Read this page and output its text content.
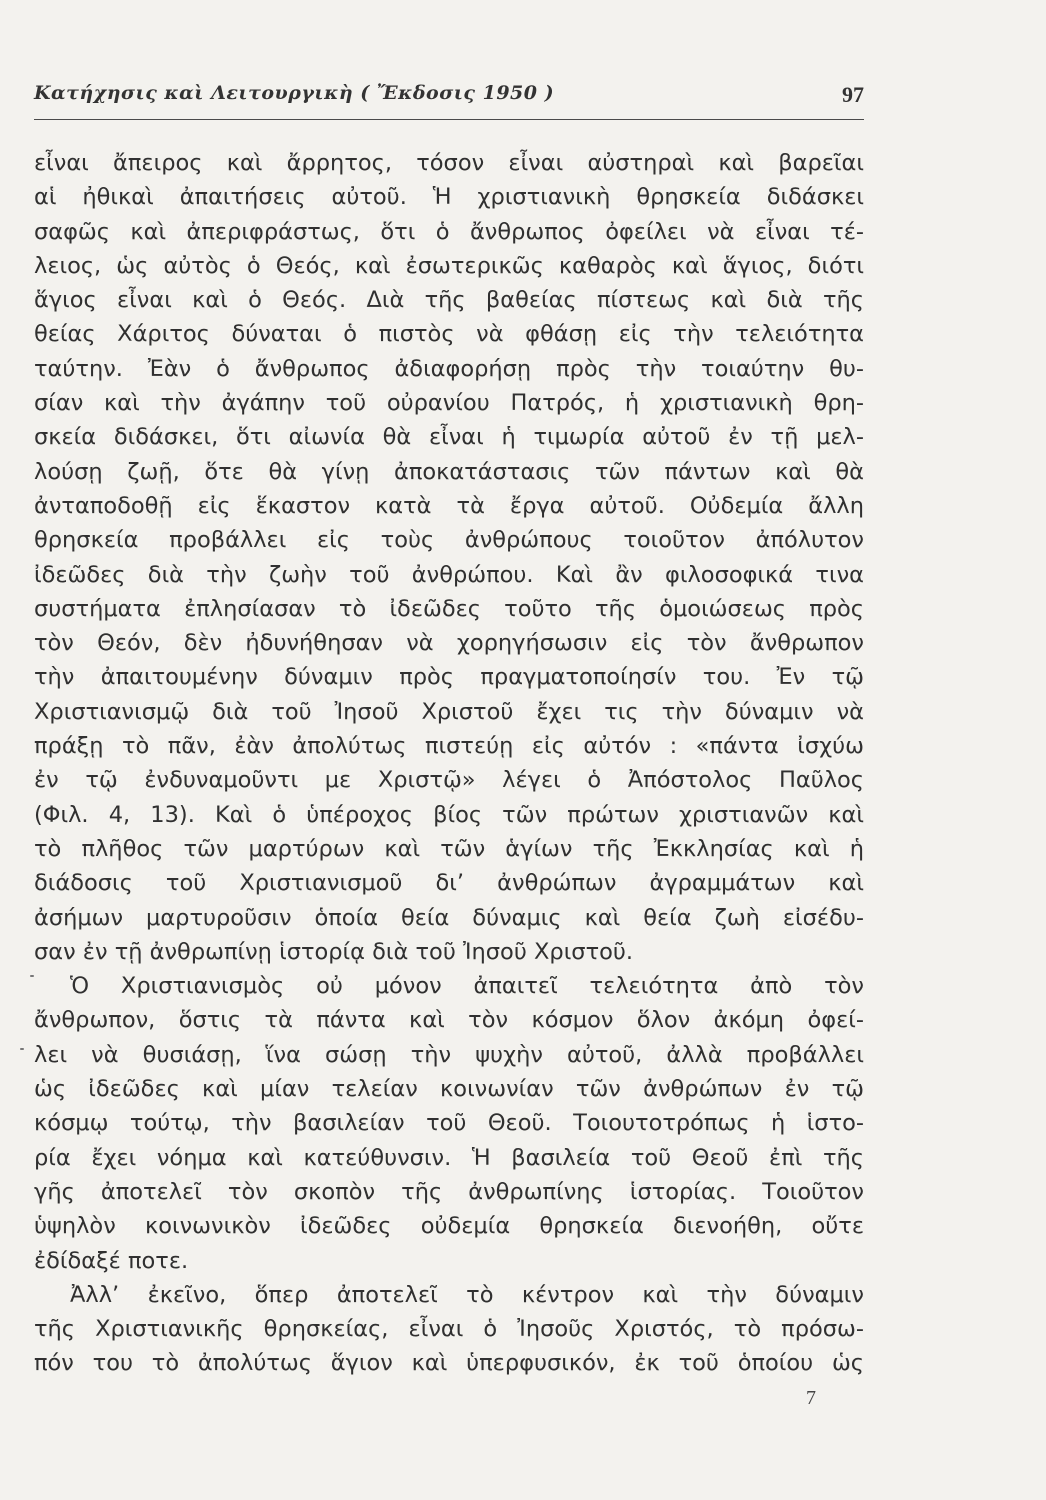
Κατήχησις καὶ Λειτουργικὴ ( Ἔκδοσις 1950 )	97
εἶναι ἄπειρος καὶ ἄρρητος, τόσον εἶναι αὐστηραὶ καὶ βαρεῖαι
αἱ ἠθικαὶ ἀπαιτήσεις αὐτοῦ. Ἡ χριστιανικὴ θρησκεία διδάσκει
σαφῶς καὶ ἀπεριφράστως, ὅτι ὁ ἄνθρωπος ὀφείλει νὰ εἶναι τέ-
λειος, ὡς αὐτὸς ὁ Θεός, καὶ ἐσωτερικῶς καθαρὸς καὶ ἅγιος, διότι
ἅγιος εἶναι καὶ ὁ Θεός. Διὰ τῆς βαθείας πίστεως καὶ διὰ τῆς
θείας Χάριτος δύναται ὁ πιστὸς νὰ φθάσῃ εἰς τὴν τελειότητα
ταύτην. Ἐὰν ὁ ἄνθρωπος ἀδιαφορήσῃ πρὸς τὴν τοιαύτην θυ-
σίαν καὶ τὴν ἀγάπην τοῦ οὐρανίου Πατρός, ἡ χριστιανικὴ θρη-
σκεία διδάσκει, ὅτι αἰωνία θὰ εἶναι ἡ τιμωρία αὐτοῦ ἐν τῇ μελ-
λούσῃ ζωῇ, ὅτε θὰ γίνῃ ἀποκατάστασις τῶν πάντων καὶ θὰ
ἀνταποδοθῇ εἰς ἕκαστον κατὰ τὰ ἔργα αὐτοῦ. Οὐδεμία ἄλλη
θρησκεία προβάλλει εἰς τοὺς ἀνθρώπους τοιοῦτον ἀπόλυτον
ἰδεῶδες διὰ τὴν ζωὴν τοῦ ἀνθρώπου. Καὶ ἂν φιλοσοφικά τινα
συστήματα ἐπλησίασαν τὸ ἰδεῶδες τοῦτο τῆς ὁμοιώσεως πρὸς
τὸν Θεόν, δὲν ἠδυνήθησαν νὰ χορηγήσωσιν εἰς τὸν ἄνθρωπον
τὴν ἀπαιτουμένην δύναμιν πρὸς πραγματοποίησίν του. Ἐν τῷ
Χριστιανισμῷ διὰ τοῦ Ἰησοῦ Χριστοῦ ἔχει τις τὴν δύναμιν νὰ
πράξῃ τὸ πᾶν, ἐὰν ἀπολύτως πιστεύῃ εἰς αὐτόν : «πάντα ἰσχύω
ἐν τῷ ἐνδυναμοῦντι με Χριστῷ» λέγει ὁ Ἀπόστολος Παῦλος
(Φιλ. 4, 13). Καὶ ὁ ὑπέροχος βίος τῶν πρώτων χριστιανῶν καὶ
τὸ πλῆθος τῶν μαρτύρων καὶ τῶν ἁγίων τῆς Ἐκκλησίας καὶ ἡ
διάδοσις τοῦ Χριστιανισμοῦ δι’ ἀνθρώπων ἀγραμμάτων καὶ
ἀσήμων μαρτυροῦσιν ὁποία θεία δύναμις καὶ θεία ζωὴ εἰσέδυ-
σαν ἐν τῇ ἀνθρωπίνῃ ἱστορίᾳ διὰ τοῦ Ἰησοῦ Χριστοῦ.
Ὁ Χριστιανισμὸς οὐ μόνον ἀπαιτεῖ τελειότητα ἀπὸ τὸν
ἄνθρωπον, ὅστις τὰ πάντα καὶ τὸν κόσμον ὅλον ἀκόμη ὀφεί-
λει νὰ θυσιάσῃ, ἵνα σώσῃ τὴν ψυχὴν αὐτοῦ, ἀλλὰ προβάλλει
ὡς ἰδεῶδες καὶ μίαν τελείαν κοινωνίαν τῶν ἀνθρώπων ἐν τῷ
κόσμῳ τούτῳ, τὴν βασιλείαν τοῦ Θεοῦ. Τοιουτοτρόπως ἡ ἱστο-
ρία ἔχει νόημα καὶ κατεύθυνσιν. Ἡ βασιλεία τοῦ Θεοῦ ἐπὶ τῆς
γῆς ἀποτελεῖ τὸν σκοπὸν τῆς ἀνθρωπίνης ἱστορίας. Τοιοῦτον
ὑψηλὸν κοινωνικὸν ἰδεῶδες οὐδεμία θρησκεία διενοήθη, οὔτε
ἐδίδαξέ ποτε.
Ἀλλ’ ἐκεῖνο, ὅπερ ἀποτελεῖ τὸ κέντρον καὶ τὴν δύναμιν
τῆς Χριστιανικῆς θρησκείας, εἶναι ὁ Ἰησοῦς Χριστός, τὸ πρόσω-
πόν του τὸ ἀπολύτως ἅγιον καὶ ὑπερφυσικόν, ἐκ τοῦ ὁποίου ὡς
7
